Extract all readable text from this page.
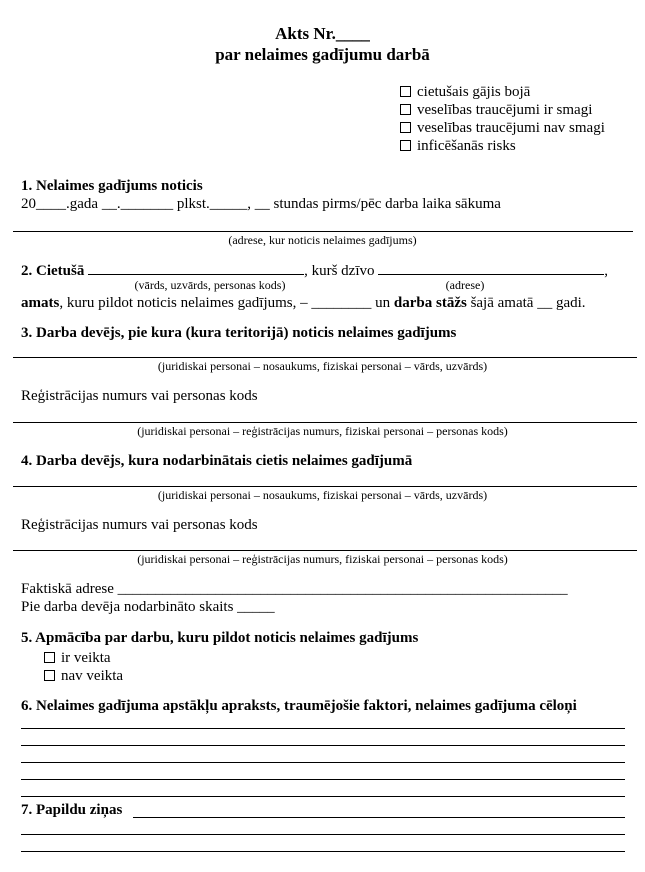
Akts Nr.____
par nelaimes gadījumu darbā
cietušais gājis bojā
veselības traucējumi ir smagi
veselības traucējumi nav smagi
inficēšanās risks
1. Nelaimes gadījums noticis
20____.gada __._______ plkst._____, __ stundas pirms/pēc darba laika sākuma
(adrese, kur noticis nelaimes gadījums)
2. Cietušā	, kurš dzīvo	,
(vārds, uzvārds, personas kods)	(adrese)
amats, kuru pildot noticis nelaimes gadījums, – ________ un darba stāžs šajā amatā __ gadi.
3. Darba devējs, pie kura (kura teritorijā) noticis nelaimes gadījums
(juridiskai personai – nosaukums, fiziskai personai – vārds, uzvārds)
Reģistrācijas numurs vai personas kods
(juridiskai personai – reģistrācijas numurs, fiziskai personai – personas kods)
4. Darba devējs, kura nodarbinātais cietis nelaimes gadījumā
(juridiskai personai – nosaukums, fiziskai personai – vārds, uzvārds)
Reģistrācijas numurs vai personas kods
(juridiskai personai – reģistrācijas numurs, fiziskai personai – personas kods)
Faktiskā adrese ____________________________________________________________
Pie darba devēja nodarbināto skaits _____
5. Apmācība par darbu, kuru pildot noticis nelaimes gadījums
ir veikta
nav veikta
6. Nelaimes gadījuma apstākļu apraksts, traumējošie faktori, nelaimes gadījuma cēloņi
7. Papildu ziņas
